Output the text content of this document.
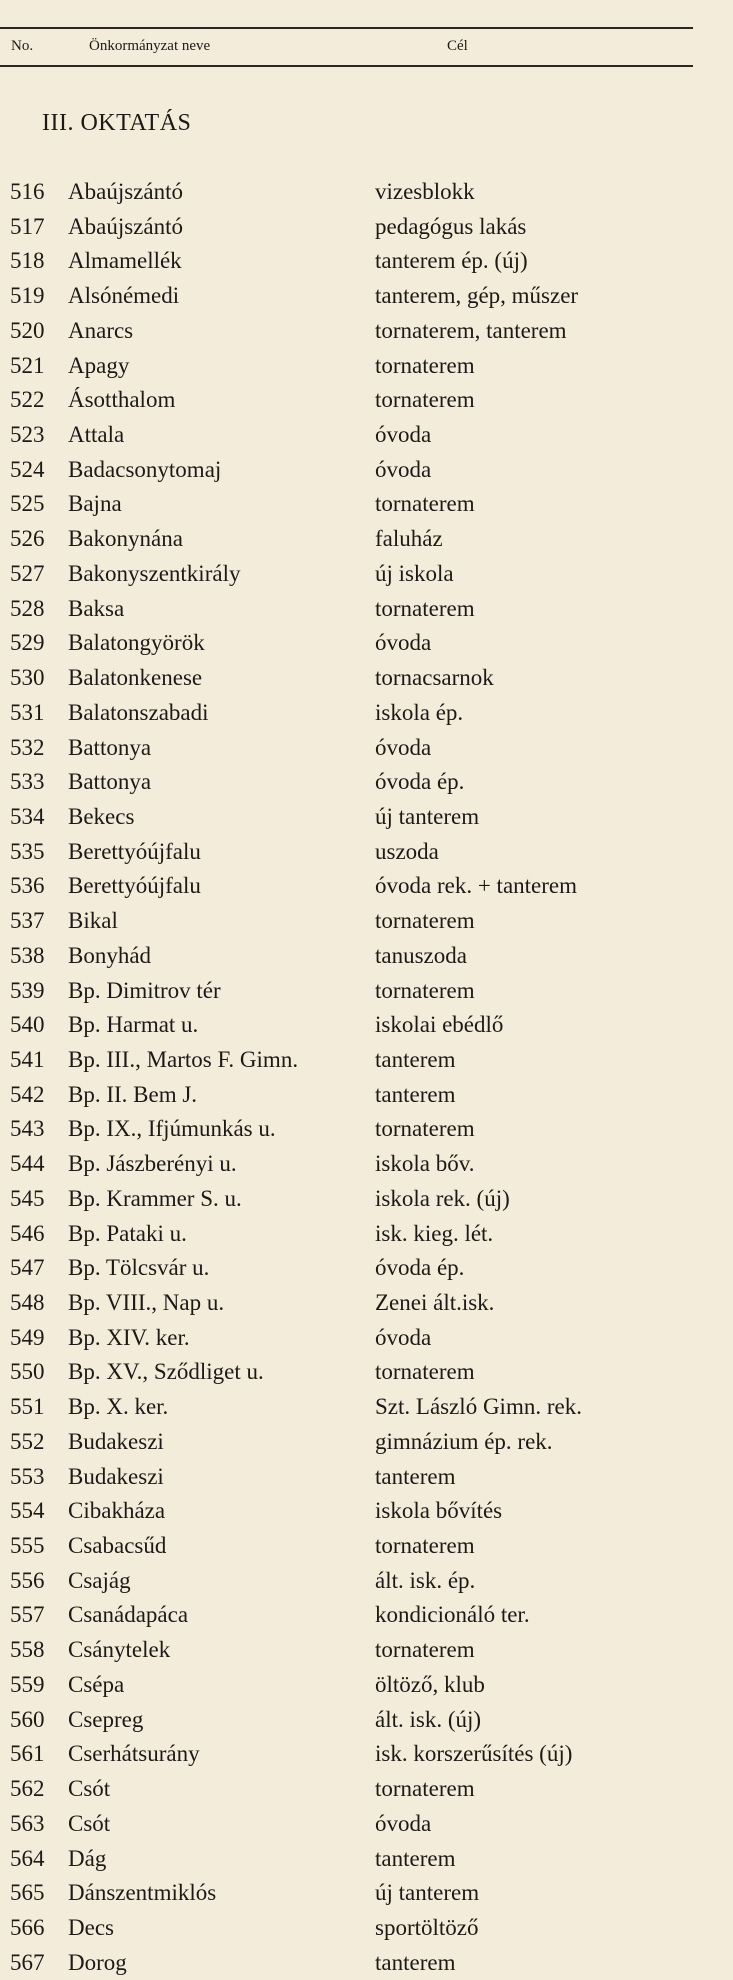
No.	Önkormányzat neve	Cél
III. OKTATÁS
516 Abaújszántó	vizesblokk
517 Abaújszántó	pedagógus lakás
518 Almamellék	tanterem ép. (új)
519 Alsónémedi	tanterem, gép, műszer
520 Anarcs	tornaterem, tanterem
521 Apagy	tornaterem
522 Ásotthalom	tornaterem
523 Attala	óvoda
524 Badacsonytomaj	óvoda
525 Bajna	tornaterem
526 Bakonynána	faluház
527 Bakonyszentkirály	új iskola
528 Baksa	tornaterem
529 Balatongyörök	óvoda
530 Balatonkenese	tornacsarnok
531 Balatonszabadi	iskola ép.
532 Battonya	óvoda
533 Battonya	óvoda ép.
534 Bekecs	új tanterem
535 Berettyóújfalu	uszoda
536 Berettyóújfalu	óvoda rek. + tanterem
537 Bikal	tornaterem
538 Bonyhád	tanuszoda
539 Bp. Dimitrov tér	tornaterem
540 Bp. Harmat u.	iskolai ebédlő
541 Bp. III., Martos F. Gimn.	tanterem
542 Bp. II. Bem J.	tanterem
543 Bp. IX., Ifjúmunkás u.	tornaterem
544 Bp. Jászberényi u.	iskola bőv.
545 Bp. Krammer S. u.	iskola rek. (új)
546 Bp. Pataki u.	isk. kieg. lét.
547 Bp. Tölcsvár u.	óvoda ép.
548 Bp. VIII., Nap u.	Zenei ált.isk.
549 Bp. XIV. ker.	óvoda
550 Bp. XV., Sződliget u.	tornaterem
551 Bp. X. ker.	Szt. László Gimn. rek.
552 Budakeszi	gimnázium ép. rek.
553 Budakeszi	tanterem
554 Cibakháza	iskola bővítés
555 Csabacsűd	tornaterem
556 Csajág	ált. isk. ép.
557 Csanádapáca	kondicionáló ter.
558 Csánytelek	tornaterem
559 Csépa	öltöző, klub
560 Csepreg	ált. isk. (új)
561 Cserhátsurány	isk. korszerűsítés (új)
562 Csót	tornaterem
563 Csót	óvoda
564 Dág	tanterem
565 Dánszentmiklós	új tanterem
566 Decs	sportöltöző
567 Dorog	tanterem
